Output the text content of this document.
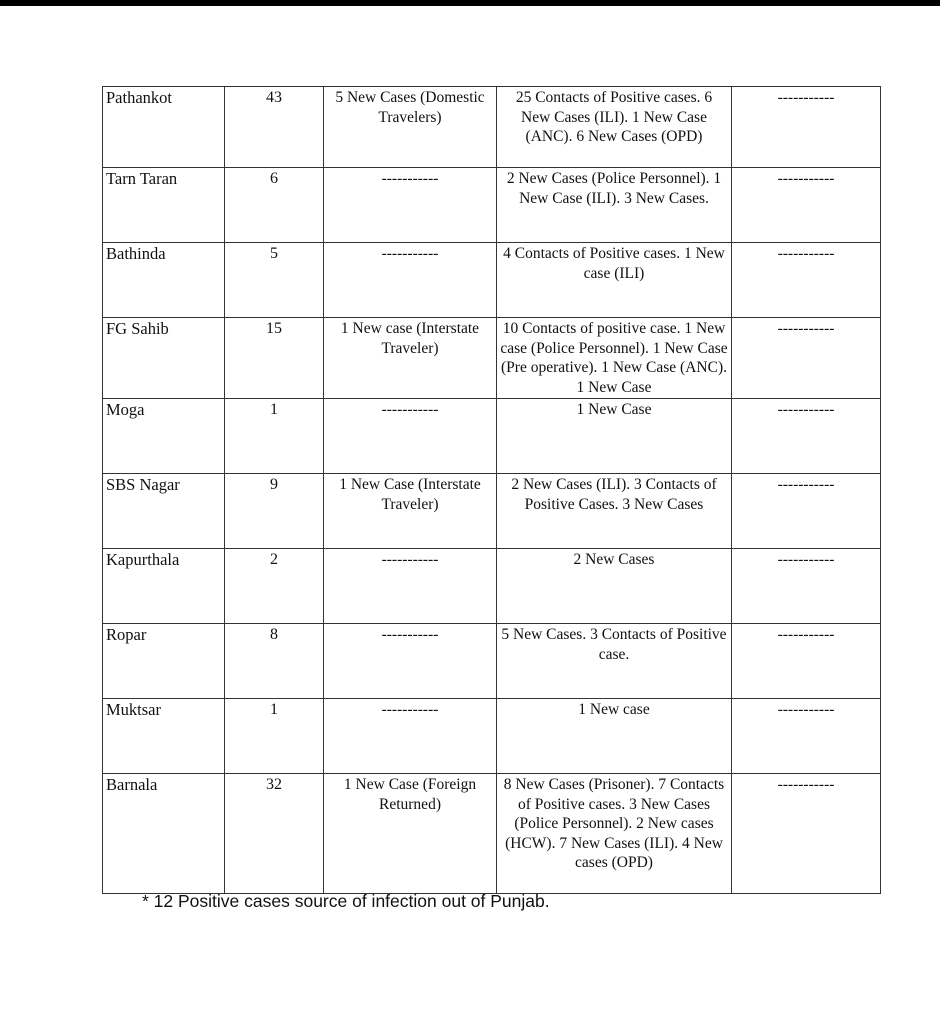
Pathankot	43	5 New Cases (Domestic Travelers)	25 Contacts of Positive cases. 6 New Cases (ILI). 1 New Case (ANC). 6 New Cases (OPD)	-----------
Tarn Taran	6	-----------	2 New Cases (Police Personnel). 1 New Case (ILI). 3 New Cases.	-----------
Bathinda	5	-----------	4 Contacts of Positive cases. 1 New case (ILI)	-----------
FG Sahib	15	1 New case (Interstate Traveler)	10 Contacts of positive case. 1 New case (Police Personnel). 1 New Case (Pre operative). 1 New Case (ANC). 1 New Case	-----------
Moga	1	-----------	1 New Case	-----------
SBS Nagar	9	1 New Case (Interstate Traveler)	2 New Cases (ILI). 3 Contacts of Positive Cases. 3 New Cases	-----------
Kapurthala	2	-----------	2 New Cases	-----------
Ropar	8	-----------	5 New Cases. 3 Contacts of Positive case.	-----------
Muktsar	1	-----------	1 New case	-----------
Barnala	32	1 New Case (Foreign Returned)	8 New Cases (Prisoner). 7 Contacts of Positive cases. 3 New Cases (Police Personnel). 2 New cases (HCW). 7 New Cases (ILI). 4 New cases (OPD)	-----------
* 12 Positive cases source of infection out of Punjab.
